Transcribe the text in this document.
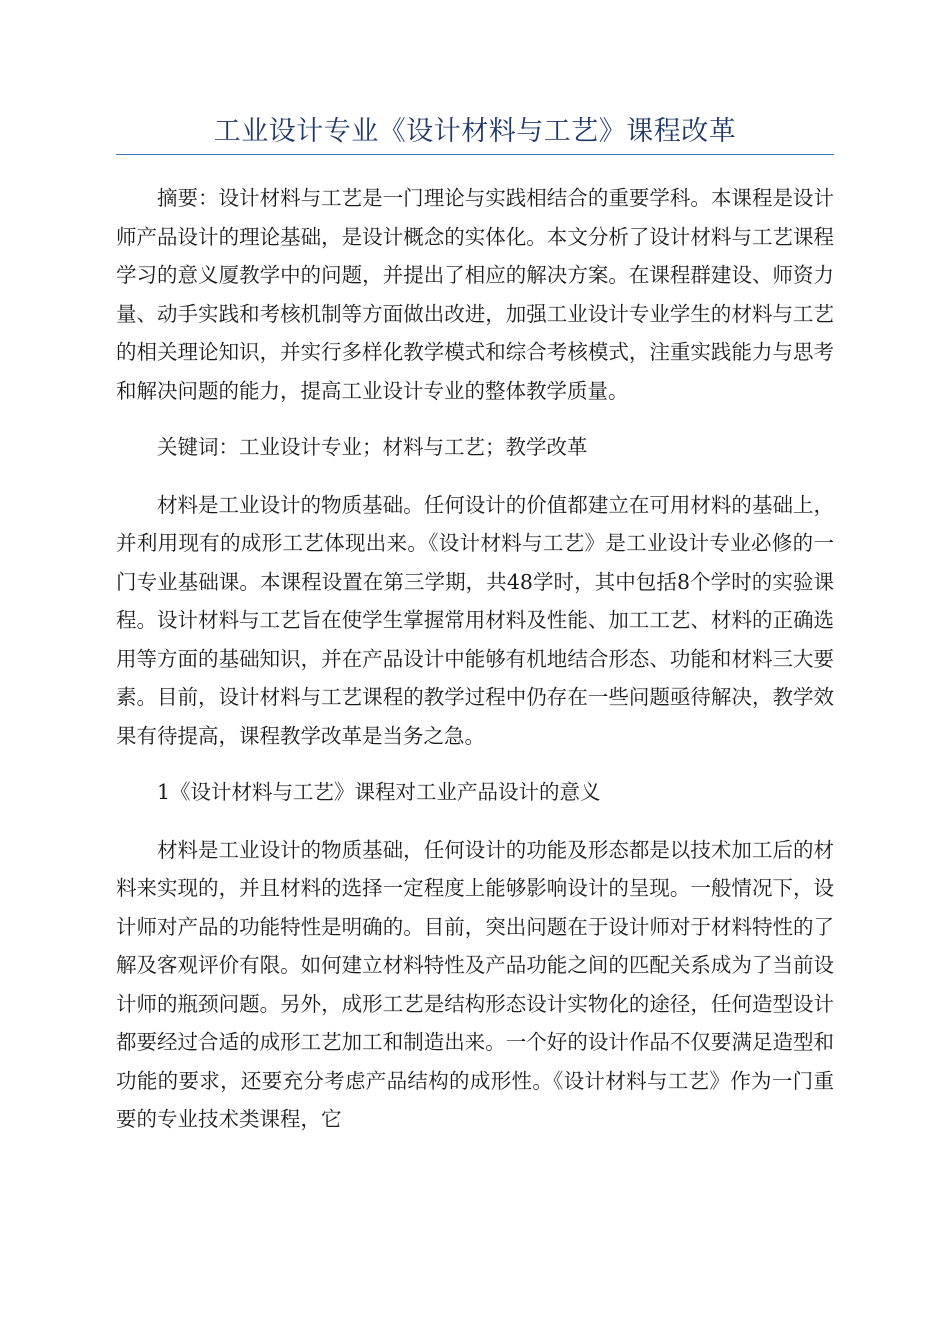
工业设计专业《设计材料与工艺》课程改革

摘要：设计材料与工艺是一门理论与实践相结合的重要学科。本课程是设计师产品设计的理论基础，是设计概念的实体化。本文分析了设计材料与工艺课程学习的意义厦教学中的问题，并提出了相应的解决方案。在课程群建设、师资力量、动手实践和考核机制等方面做出改进，加强工业设计专业学生的材料与工艺的相关理论知识，并实行多样化教学模式和综合考核模式，注重实践能力与思考和解决问题的能力，提高工业设计专业的整体教学质量。

关键词：工业设计专业；材料与工艺；教学改革

材料是工业设计的物质基础。任何设计的价值都建立在可用材料的基础上，并利用现有的成形工艺体现出来。《设计材料与工艺》是工业设计专业必修的一门专业基础课。本课程设置在第三学期，共48学时，其中包括8个学时的实验课程。设计材料与工艺旨在使学生掌握常用材料及性能、加工工艺、材料的正确选用等方面的基础知识，并在产品设计中能够有机地结合形态、功能和材料三大要素。目前，设计材料与工艺课程的教学过程中仍存在一些问题亟待解决，教学效果有待提高，课程教学改革是当务之急。

1《设计材料与工艺》课程对工业产品设计的意义

材料是工业设计的物质基础，任何设计的功能及形态都是以技术加工后的材料来实现的，并且材料的选择一定程度上能够影响设计的呈现。一般情况下，设计师对产品的功能特性是明确的。目前，突出问题在于设计师对于材料特性的了解及客观评价有限。如何建立材料特性及产品功能之间的匹配关系成为了当前设计师的瓶颈问题。另外，成形工艺是结构形态设计实物化的途径，任何造型设计都要经过合适的成形工艺加工和制造出来。一个好的设计作品不仅要满足造型和功能的要求，还要充分考虑产品结构的成形性。《设计材料与工艺》作为一门重要的专业技术类课程，它
